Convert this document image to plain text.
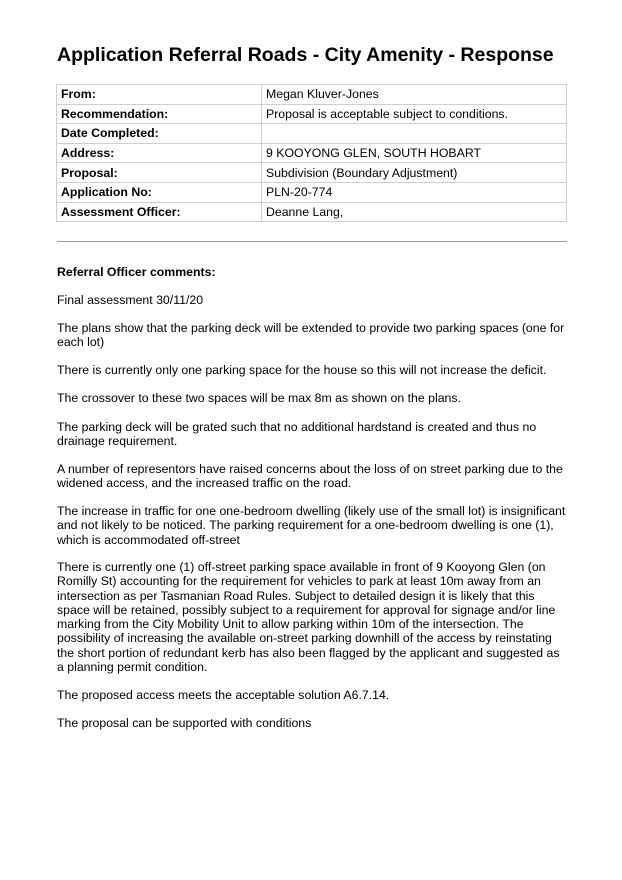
Application Referral Roads - City Amenity - Response
From:	Megan Kluver-Jones
Recommendation:	Proposal is acceptable subject to conditions.
Date Completed:	
Address:	9 KOOYONG GLEN, SOUTH HOBART
Proposal:	Subdivision (Boundary Adjustment)
Application No:	PLN-20-774
Assessment Officer:	Deanne Lang,

Referral Officer comments:

Final assessment 30/11/20

The plans show that the parking deck will be extended to provide two parking spaces (one for each lot)

There is currently only one parking space for the house so this will not increase the deficit.

The crossover to these two spaces will be max 8m as shown on the plans.

The parking deck will be grated such that no additional hardstand is created and thus no drainage requirement.

A number of representors have raised concerns about the loss of on street parking due to the widened access, and the increased traffic on the road.

The increase in traffic for one one-bedroom dwelling (likely use of the small lot) is insignificant and not likely to be noticed. The parking requirement for a one-bedroom dwelling is one (1), which is accommodated off-street

There is currently one (1) off-street parking space available in front of 9 Kooyong Glen (on Romilly St) accounting for the requirement for vehicles to park at least 10m away from an intersection as per Tasmanian Road Rules. Subject to detailed design it is likely that this space will be retained, possibly subject to a requirement for approval for signage and/or line marking from the City Mobility Unit to allow parking within 10m of the intersection. The possibility of increasing the available on-street parking downhill of the access by reinstating the short portion of redundant kerb has also been flagged by the applicant and suggested as a planning permit condition.

The proposed access meets the acceptable solution A6.7.14.

The proposal can be supported with conditions
